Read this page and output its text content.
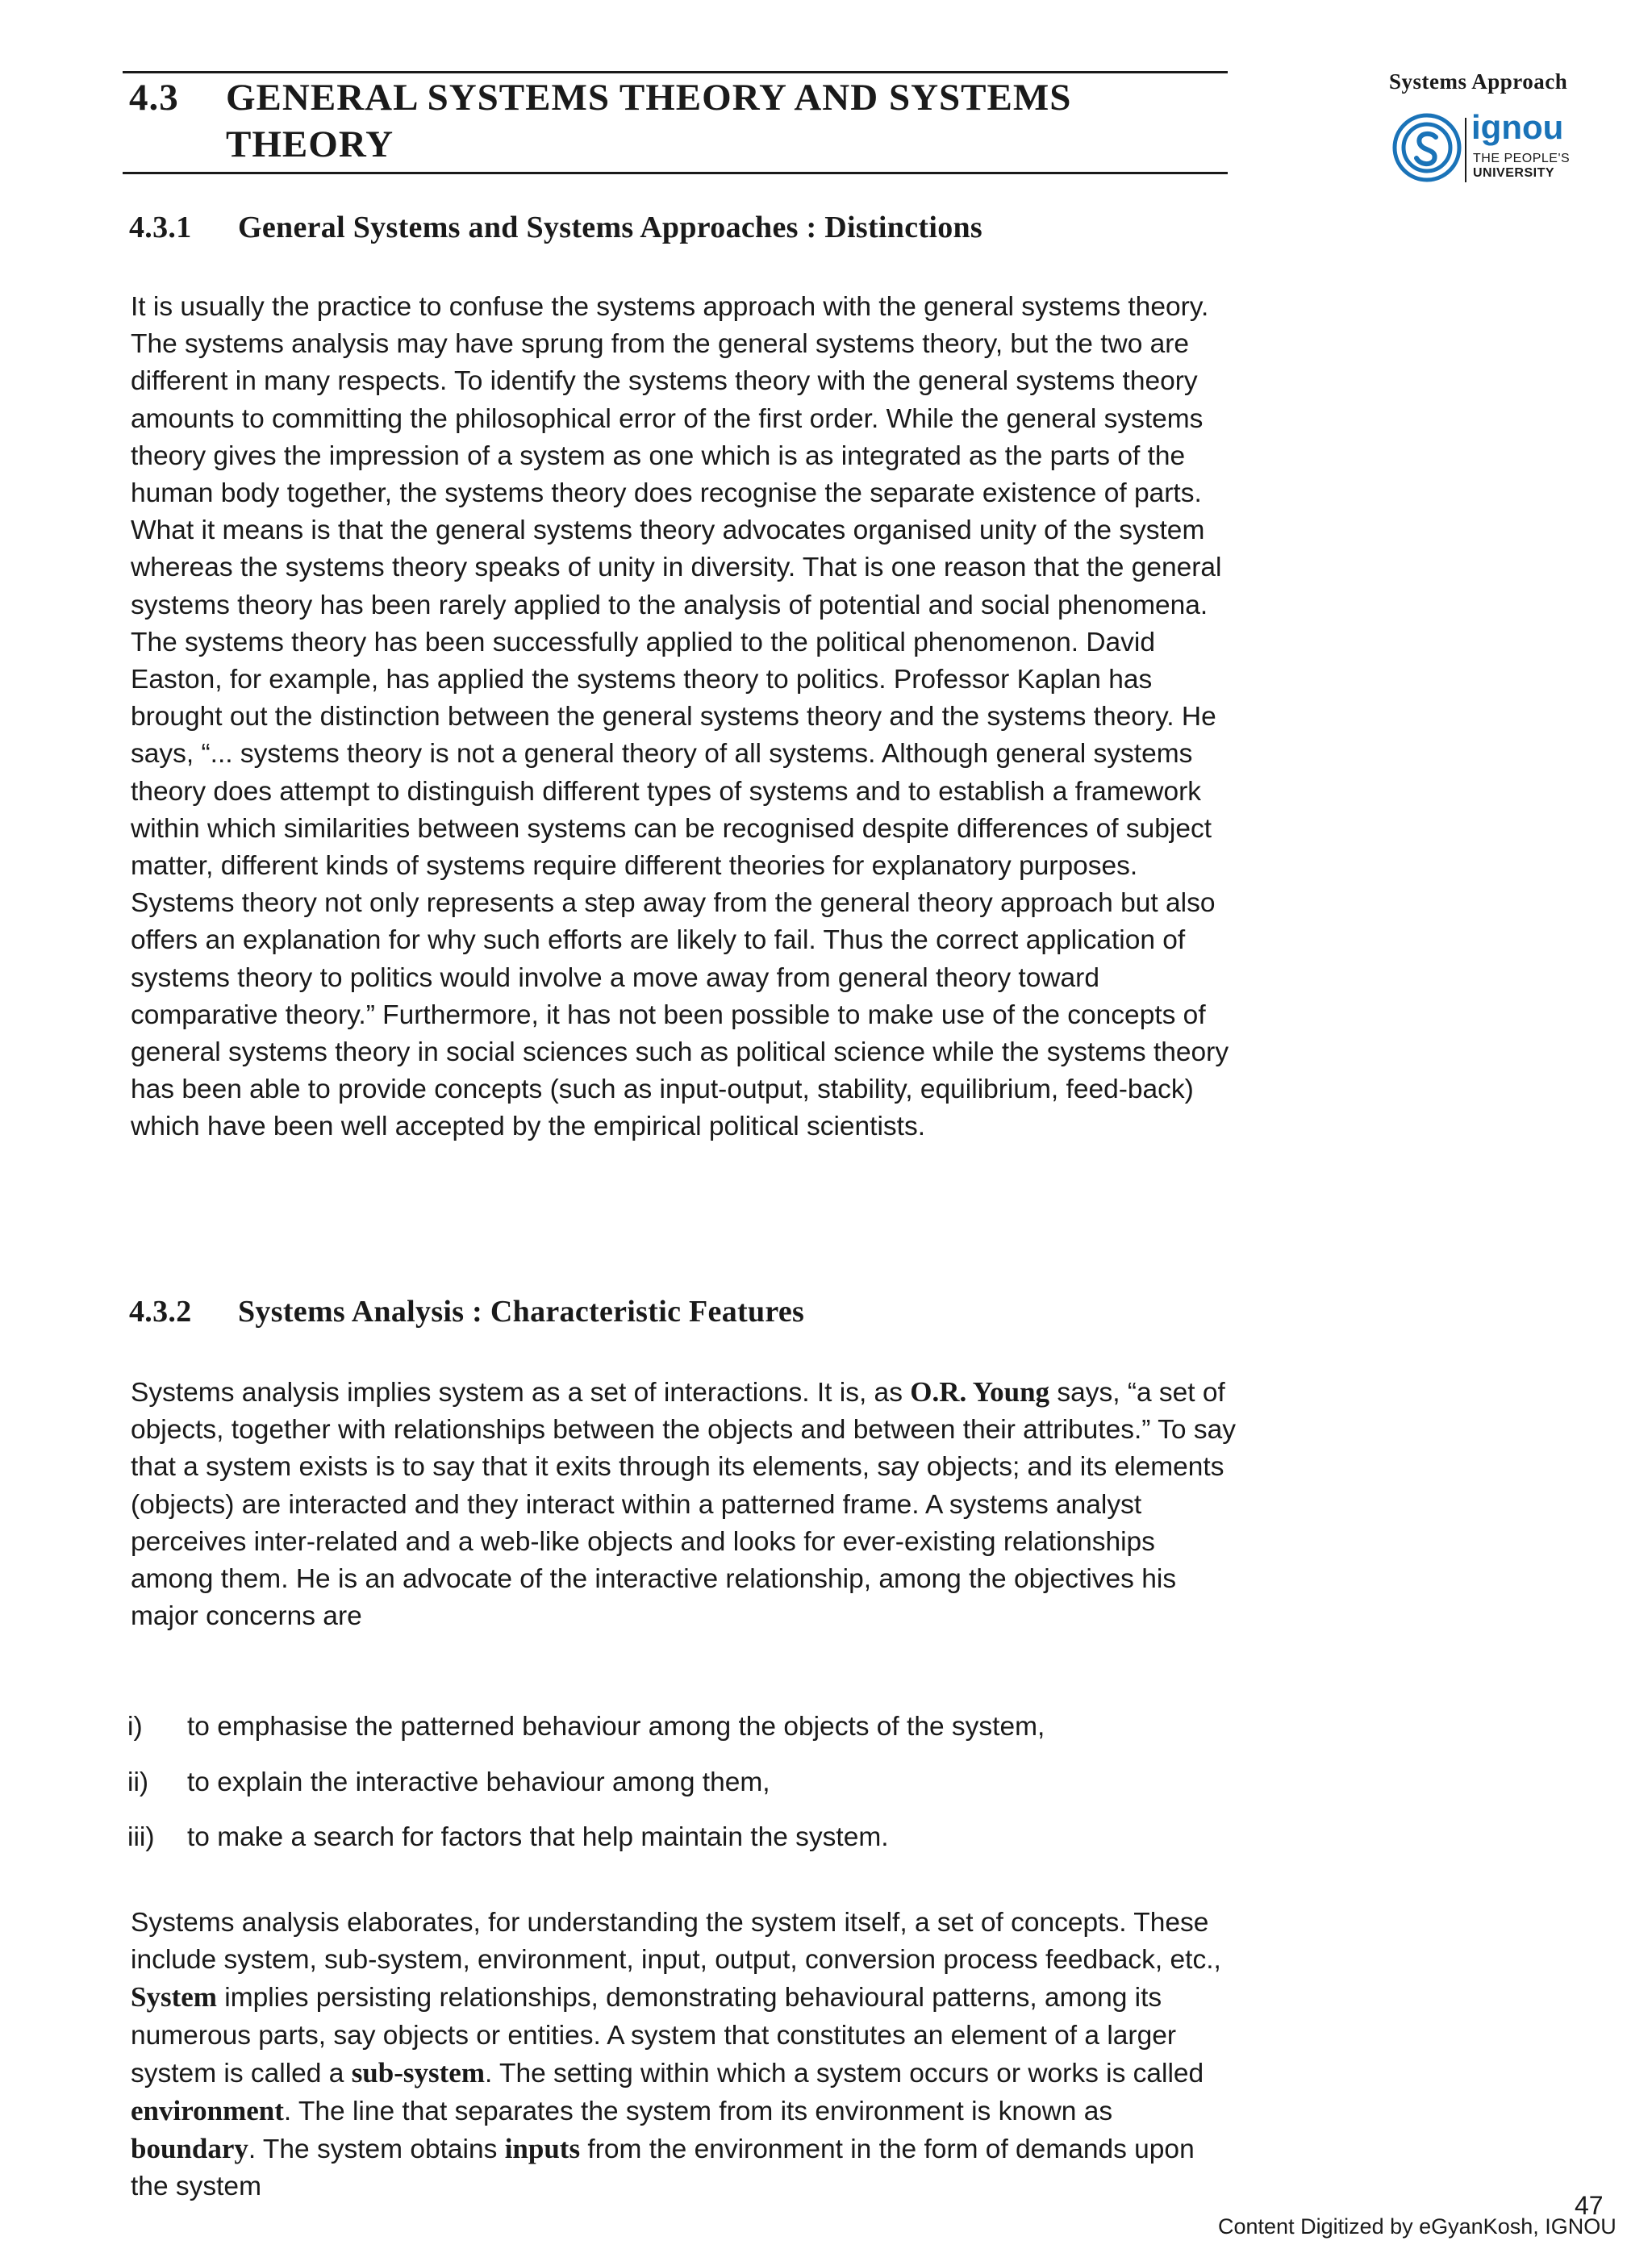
4.3 GENERAL SYSTEMS THEORY AND SYSTEMS
THEORY
Systems Approach
ignou
THE PEOPLE'S
UNIVERSITY
4.3.1 General Systems and Systems Approaches : Distinctions

It is usually the practice to confuse the systems approach with the general systems theory. The systems analysis may have sprung from the general systems theory, but the two are different in many respects. To identify the systems theory with the general systems theory amounts to committing the philosophical error of the first order. While the general systems theory gives the impression of a system as one which is as integrated as the parts of the human body together, the systems theory does recognise the separate existence of parts. What it means is that the general systems theory advocates organised unity of the system whereas the systems theory speaks of unity in diversity. That is one reason that the general systems theory has been rarely applied to the analysis of potential and social phenomena. The systems theory has been successfully applied to the political phenomenon. David Easton, for example, has applied the systems theory to politics. Professor Kaplan has brought out the distinction between the general systems theory and the systems theory. He says, “... systems theory is not a general theory of all systems. Although general systems theory does attempt to distinguish different types of systems and to establish a framework within which similarities between systems can be recognised despite differences of subject matter, different kinds of systems require different theories for explanatory purposes. Systems theory not only represents a step away from the general theory approach but also offers an explanation for why such efforts are likely to fail. Thus the correct application of systems theory to politics would involve a move away from general theory toward comparative theory.” Furthermore, it has not been possible to make use of the concepts of general systems theory in social sciences such as political science while the systems theory has been able to provide concepts (such as input-output, stability, equilibrium, feed-back) which have been well accepted by the empirical political scientists.

4.3.2 Systems Analysis : Characteristic Features

Systems analysis implies system as a set of interactions. It is, as O.R. Young says, “a set of objects, together with relationships between the objects and between their attributes.” To say that a system exists is to say that it exits through its elements, say objects; and its elements (objects) are interacted and they interact within a patterned frame. A systems analyst perceives inter-related and a web-like objects and looks for ever-existing relationships among them. He is an advocate of the interactive relationship, among the objectives his major concerns are

i) to emphasise the patterned behaviour among the objects of the system,
ii) to explain the interactive behaviour among them,
iii) to make a search for factors that help maintain the system.

Systems analysis elaborates, for understanding the system itself, a set of concepts. These include system, sub-system, environment, input, output, conversion process feedback, etc., System implies persisting relationships, demonstrating behavioural patterns, among its numerous parts, say objects or entities. A system that constitutes an element of a larger system is called a sub-system. The setting within which a system occurs or works is called environment. The line that separates the system from its environment is known as boundary. The system obtains inputs from the environment in the form of demands upon the system

47
Content Digitized by eGyanKosh, IGNOU
